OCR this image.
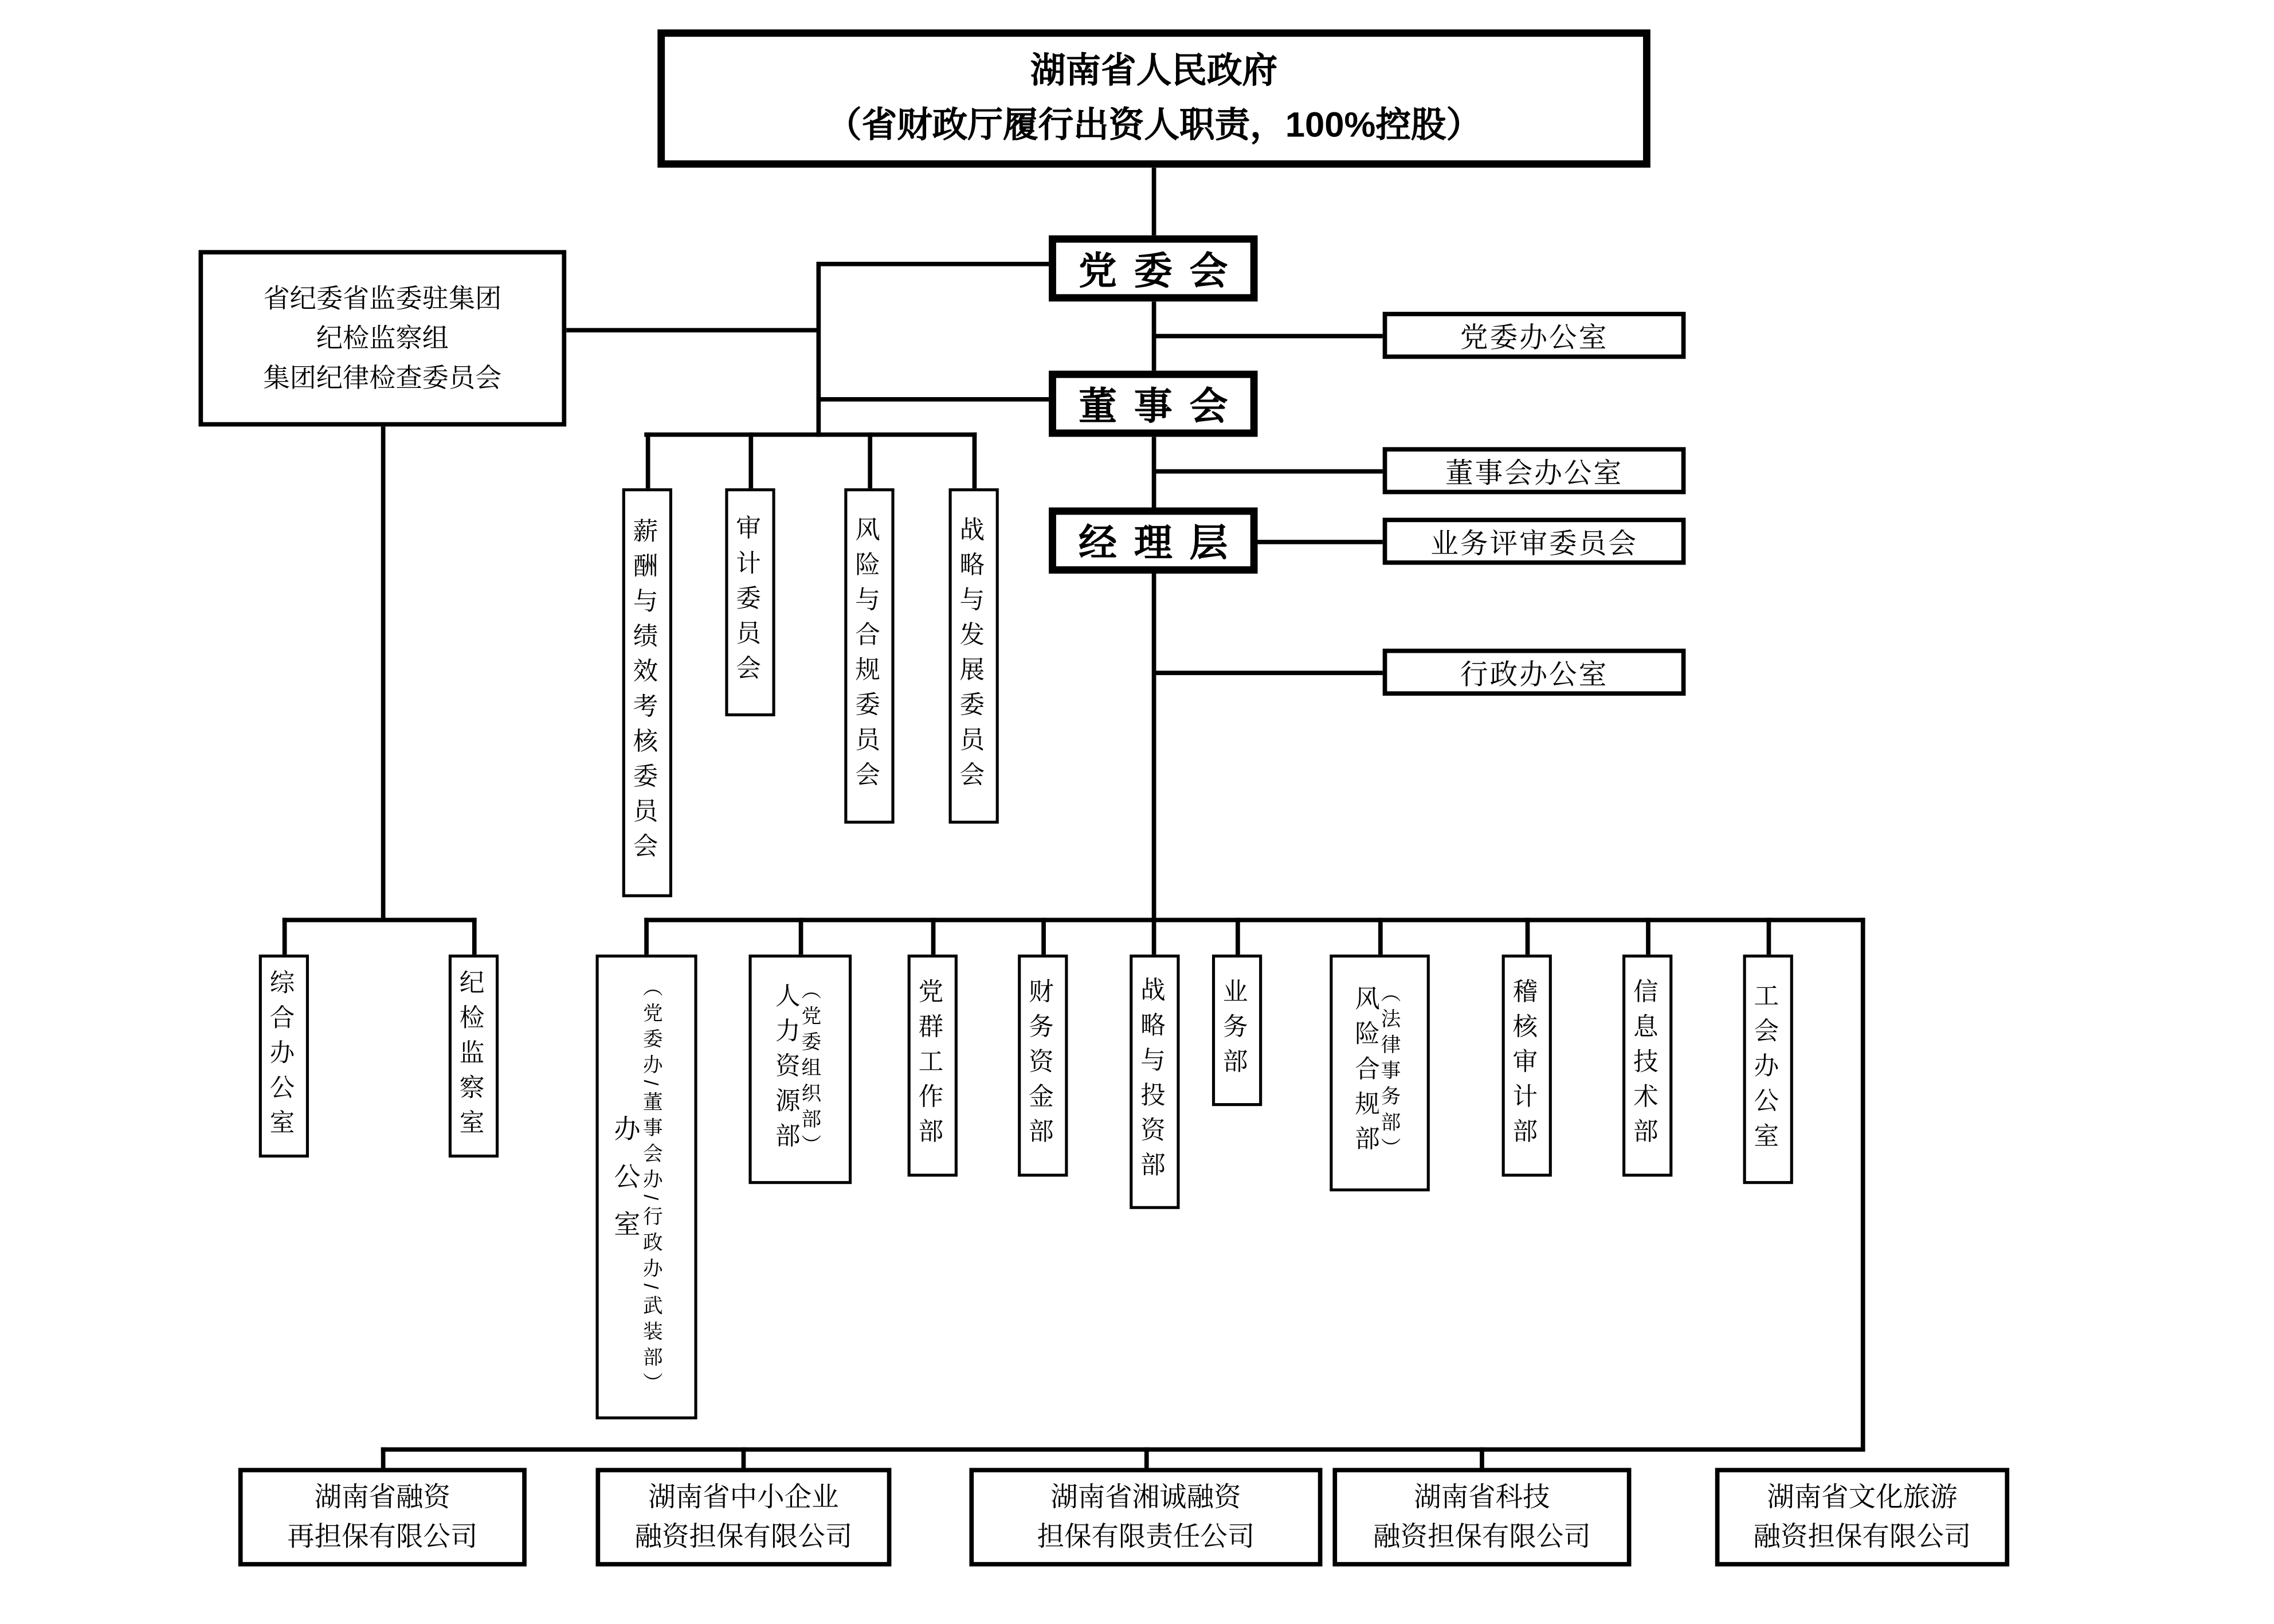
湖南省人民政府
（省财政厅履行出资人职责，100%控股）
党委会
董事会
经理层
党委办公室
董事会办公室
业务评审委员会
行政办公室
省纪委省监委驻集团
纪检监察组
集团纪律检查委员会
薪酬与绩效考核委员会	审计委员会	风险与合规委员会	战略与发展委员会
综合办公室	纪检监察室
办公室
（党委办/董事会办/行政办/武装部）	人力资源部
（党委组织部）	党群工作部	财务资金部	战略与投资部	业务部	风险合规部
（法律事务部）	稽核审计部	信息技术部	工会办公室
湖南省融资
再担保有限公司
湖南省中小企业
融资担保有限公司
湖南省湘诚融资
担保有限责任公司
湖南省科技
融资担保有限公司
湖南省文化旅游
融资担保有限公司
